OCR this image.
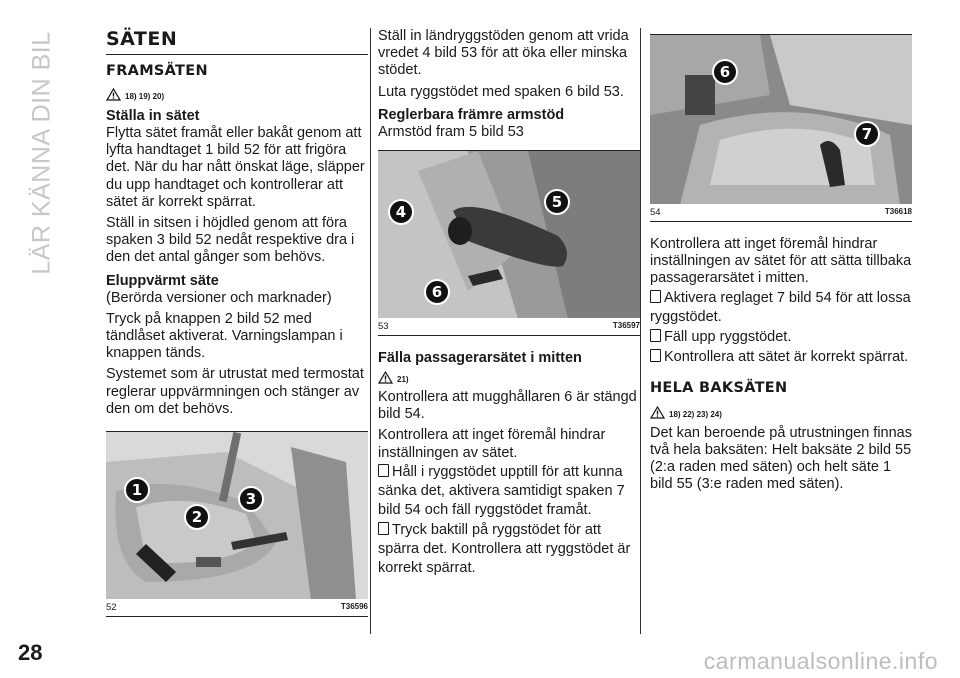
LÄR KÄNNA DIN BIL
28
SÄTEN
FRAMSÄTEN
18) 19) 20)
Ställa in sätet

Flytta sätet framåt eller bakåt genom att lyfta handtaget 1 bild 52 för att frigöra det. När du har nått önskat läge, släpper du upp handtaget och kontrollerar att sätet är korrekt spärrat.

Ställ in sitsen i höjdled genom att föra spaken 3 bild 52 nedåt respektive dra i den det antal gånger som behövs.

Eluppvärmt säte

(Berörda versioner och marknader)

Tryck på knappen 2 bild 52 med tändlåset aktiverat. Varningslampan i knappen tänds.

Systemet som är utrustat med termostat reglerar uppvärmningen och stänger av den om det behövs.

1
2
3
52	T36596

Ställ in ländryggstöden genom att vrida vredet 4 bild 53 för att öka eller minska stödet.

Luta ryggstödet med spaken 6 bild 53.

Reglerbara främre armstöd

Armstöd fram 5 bild 53

4
5
6
53	T36597
Fälla passagerarsätet i mitten
21)

Kontrollera att mugghållaren 6 är stängd bild 54.

Kontrollera att inget föremål hindrar inställningen av sätet.

Håll i ryggstödet upptill för att kunna sänka det, aktivera samtidigt spaken 7 bild 54 och fäll ryggstödet framåt.
Tryck baktill på ryggstödet för att spärra det. Kontrollera att ryggstödet är korrekt spärrat.
6
7
54	T36618

Kontrollera att inget föremål hindrar inställningen av sätet för att sätta tillbaka passagerarsätet i mitten.

Aktivera reglaget 7 bild 54 för att lossa ryggstödet.
Fäll upp ryggstödet.
Kontrollera att sätet är korrekt spärrat.
HELA BAKSÄTEN
18) 22) 23) 24)

Det kan beroende på utrustningen finnas två hela baksäten: Helt baksäte 2 bild 55 (2:a raden med säten) och helt säte 1 bild 55 (3:e raden med säten).

carmanualsonline.info
